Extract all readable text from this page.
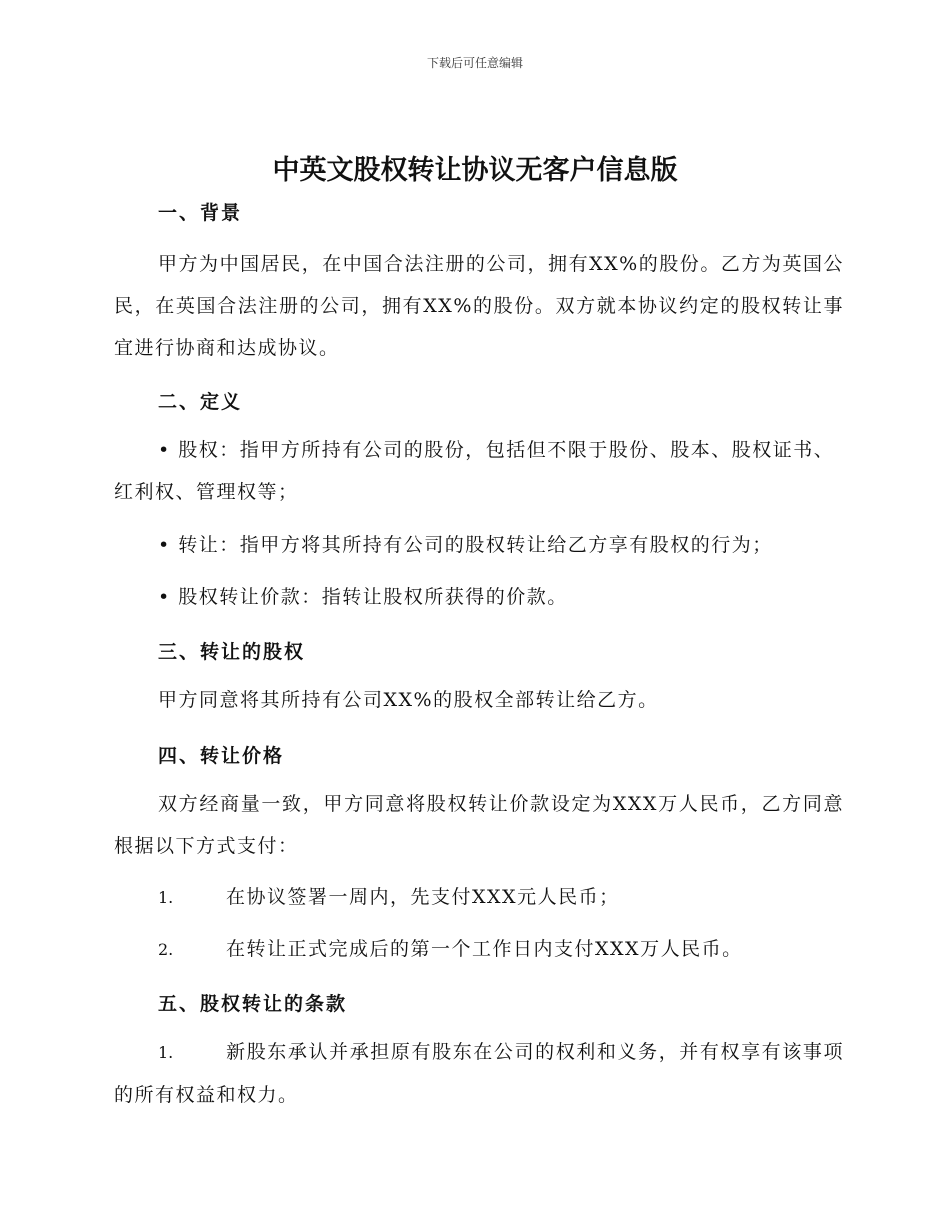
下载后可任意编辑
中英文股权转让协议无客户信息版
一、背景
甲方为中国居民，在中国合法注册的公司，拥有XX%的股份。乙方为英国公民，在英国合法注册的公司，拥有XX%的股份。双方就本协议约定的股权转让事宜进行协商和达成协议。
二、定义
• 股权：指甲方所持有公司的股份，包括但不限于股份、股本、股权证书、红利权、管理权等；
• 转让：指甲方将其所持有公司的股权转让给乙方享有股权的行为；
• 股权转让价款：指转让股权所获得的价款。
三、转让的股权
甲方同意将其所持有公司XX%的股权全部转让给乙方。
四、转让价格
双方经商量一致，甲方同意将股权转让价款设定为XXX万人民币，乙方同意根据以下方式支付：
1.	在协议签署一周内，先支付XXX元人民币；
2.	在转让正式完成后的第一个工作日内支付XXX万人民币。
五、股权转让的条款
1.	新股东承认并承担原有股东在公司的权利和义务，并有权享有该事项的所有权益和权力。
